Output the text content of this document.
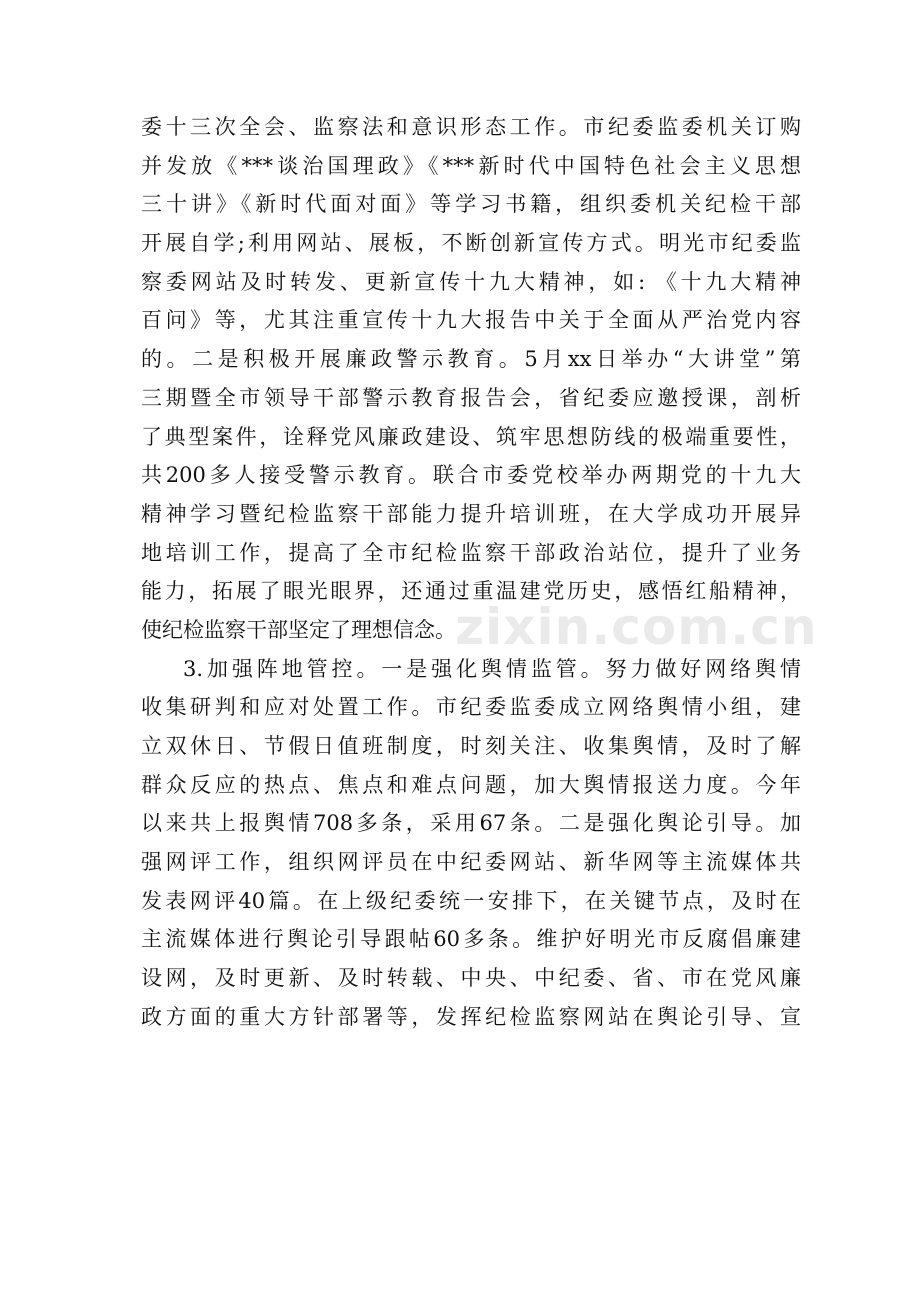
委十三次全会、监察法和意识形态工作。市纪委监委机关订购
并发放《***谈治国理政》《***新时代中国特色社会主义思想
三十讲》《新时代面对面》等学习书籍，组织委机关纪检干部
开展自学;利用网站、展板，不断创新宣传方式。明光市纪委监
察委网站及时转发、更新宣传十九大精神，如: 《十九大精神
百问》等，尤其注重宣传十九大报告中关于全面从严治党内容
的。二是积极开展廉政警示教育。5月xx日举办“大讲堂”第
三期暨全市领导干部警示教育报告会，省纪委应邀授课，剖析
了典型案件，诠释党风廉政建设、筑牢思想防线的极端重要性，
共200多人接受警示教育。联合市委党校举办两期党的十九大
精神学习暨纪检监察干部能力提升培训班，在大学成功开展异
地培训工作，提高了全市纪检监察干部政治站位，提升了业务
能力，拓展了眼光眼界，还通过重温建党历史，感悟红船精神，
使纪检监察干部坚定了理想信念。
3.加强阵地管控。一是强化舆情监管。努力做好网络舆情
收集研判和应对处置工作。市纪委监委成立网络舆情小组，建
立双休日、节假日值班制度，时刻关注、收集舆情，及时了解
群众反应的热点、焦点和难点问题，加大舆情报送力度。今年
以来共上报舆情708多条，采用67条。二是强化舆论引导。加
强网评工作，组织网评员在中纪委网站、新华网等主流媒体共
发表网评40篇。在上级纪委统一安排下，在关键节点，及时在
主流媒体进行舆论引导跟帖60多条。维护好明光市反腐倡廉建
设网，及时更新、及时转载、中央、中纪委、省、市在党风廉
政方面的重大方针部署等，发挥纪检监察网站在舆论引导、宣
zixin.com.cn
